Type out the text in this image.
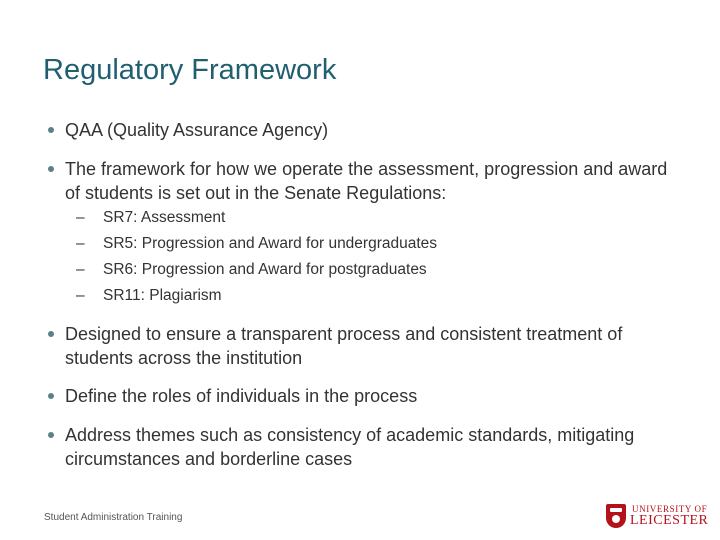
Regulatory Framework
QAA (Quality Assurance Agency)
The framework for how we operate the assessment, progression and award of students is set out in the Senate Regulations:
– SR7: Assessment
– SR5: Progression and Award for undergraduates
– SR6: Progression and Award for postgraduates
– SR11: Plagiarism
Designed to ensure a transparent process and consistent treatment of students across the institution
Define the roles of individuals in the process
Address themes such as consistency of academic standards, mitigating circumstances and borderline cases
Student Administration Training
UNIVERSITY OF
LEICESTER
